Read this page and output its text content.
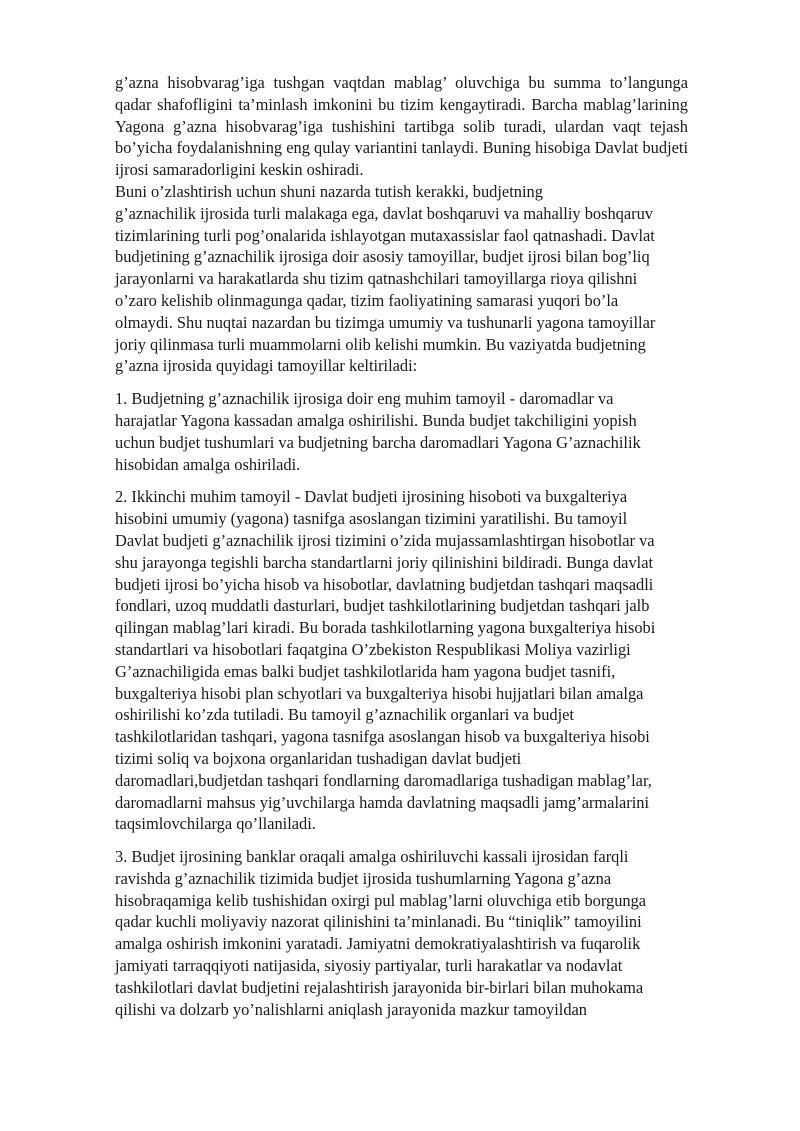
g’azna hisobvarag’iga tushgan vaqtdan mablag’ oluvchiga bu summa to’langunga qadar shafofligini ta’minlash imkonini bu tizim kengaytiradi. Barcha mablag’larining Yagona g’azna hisobvarag’iga tushishini tartibga solib turadi, ulardan vaqt tejash bo’yicha foydalanishning eng qulay variantini tanlaydi. Buning hisobiga Davlat budjeti ijrosi samaradorligini keskin oshiradi.

Buni o’zlashtirish uchun shuni nazarda tutish kerakki, budjetning
g’aznachilik ijrosida turli malakaga ega, davlat boshqaruvi va mahalliy boshqaruv
tizimlarining turli pog’onalarida ishlayotgan mutaxassislar faol qatnashadi. Davlat
budjetining g’aznachilik ijrosiga doir asosiy tamoyillar, budjet ijrosi bilan bog’liq
jarayonlarni va harakatlarda shu tizim qatnashchilari tamoyillarga rioya qilishni
o’zaro kelishib olinmagunga qadar, tizim faoliyatining samarasi yuqori bo’la
olmaydi. Shu nuqtai nazardan bu tizimga umumiy va tushunarli yagona tamoyillar
joriy qilinmasa turli muammolarni olib kelishi mumkin. Bu vaziyatda budjetning
g’azna ijrosida quyidagi tamoyillar keltiriladi:
1. Budjetning g’aznachilik ijrosiga doir eng muhim tamoyil - daromadlar va
harajatlar Yagona kassadan amalga oshirilishi. Bunda budjet takchiligini yopish
uchun budjet tushumlari va budjetning barcha daromadlari Yagona G’aznachilik
hisobidan amalga oshiriladi.
2. Ikkinchi muhim tamoyil - Davlat budjeti ijrosining hisoboti va buxgalteriya
hisobini umumiy (yagona) tasnifga asoslangan tizimini yaratilishi. Bu tamoyil
Davlat budjeti g’aznachilik ijrosi tizimini o’zida mujassamlashtirgan hisobotlar va
shu jarayonga tegishli barcha standartlarni joriy qilinishini bildiradi. Bunga davlat
budjeti ijrosi bo’yicha hisob va hisobotlar, davlatning budjetdan tashqari maqsadli
fondlari, uzoq muddatli dasturlari, budjet tashkilotlarining budjetdan tashqari jalb
qilingan mablag’lari kiradi. Bu borada tashkilotlarning yagona buxgalteriya hisobi
standartlari va hisobotlari faqatgina O’zbekiston Respublikasi Moliya vazirligi
G’aznachiligida emas balki budjet tashkilotlarida ham yagona budjet tasnifi,
buxgalteriya hisobi plan schyotlari va buxgalteriya hisobi hujjatlari bilan amalga
oshirilishi ko’zda tutiladi. Bu tamoyil g’aznachilik organlari va budjet
tashkilotlaridan tashqari, yagona tasnifga asoslangan hisob va buxgalteriya hisobi
tizimi soliq va bojxona organlaridan tushadigan davlat budjeti
daromadlari,budjetdan tashqari fondlarning daromadlariga tushadigan mablag’lar,
daromadlarni mahsus yig’uvchilarga hamda davlatning maqsadli jamg’armalarini
taqsimlovchilarga qo’llaniladi.
3. Budjet ijrosining banklar oraqali amalga oshiriluvchi kassali ijrosidan farqli
ravishda g’aznachilik tizimida budjet ijrosida tushumlarning Yagona g’azna
hisobraqamiga kelib tushishidan oxirgi pul mablag’larni oluvchiga etib borgunga
qadar kuchli moliyaviy nazorat qilinishini ta’minlanadi. Bu “tiniqlik” tamoyilini
amalga oshirish imkonini yaratadi. Jamiyatni demokratiyalashtirish va fuqarolik
jamiyati tarraqqiyoti natijasida, siyosiy partiyalar, turli harakatlar va nodavlat
tashkilotlari davlat budjetini rejalashtirish jarayonida bir-birlari bilan muhokama
qilishi va dolzarb yo’nalishlarni aniqlash jarayonida mazkur tamoyildan
